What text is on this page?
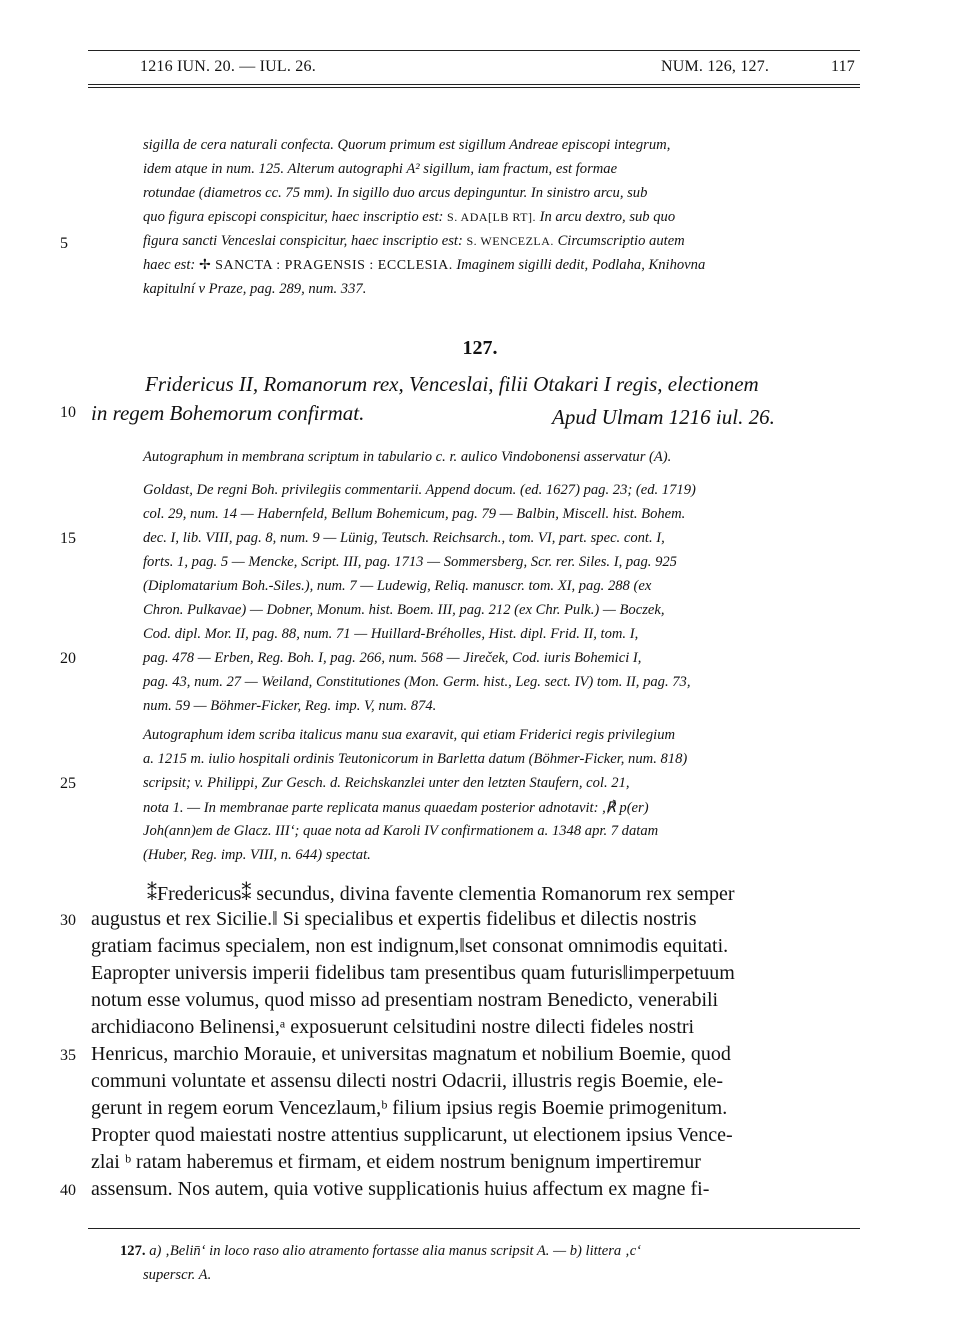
1216 IUN. 20. — IUL. 26.	NUM. 126, 127.	117
sigilla de cera naturali confecta. Quorum primum est sigillum Andreae episcopi integrum,
idem atque in num. 125. Alterum autographi A² sigillum, iam fractum, est formae
rotundae (diametros cc. 75 mm). In sigillo duo arcus depinguntur. In sinistro arcu, sub
quo figura episcopi conspicitur, haec inscriptio est: S. ADA[LB RT]. In arcu dextro, sub quo
figura sancti Venceslai conspicitur, haec inscriptio est: S. WENCEZLA. Circumscriptio autem
haec est: ✢ SANCTA : PRAGENSIS : ECCLESIA. Imaginem sigilli dedit, Podlaha, Knihovna
kapitulní v Praze, pag. 289, num. 337.
127.
Fridericus II, Romanorum rex, Venceslai, filii Otakari I regis, electionem
in regem Bohemorum confirmat.	Apud Ulmam 1216 iul. 26.
Autographum in membrana scriptum in tabulario c. r. aulico Vindobonensi asservatur (A).
Goldast, De regni Boh. privilegiis commentarii. Append docum. (ed. 1627) pag. 23; (ed. 1719)
col. 29, num. 14 — Habernfeld, Bellum Bohemicum, pag. 79 — Balbin, Miscell. hist. Bohem.
dec. I, lib. VIII, pag. 8, num. 9 — Lünig, Teutsch. Reichsarch., tom. VI, part. spec. cont. I,
forts. 1, pag. 5 — Mencke, Script. III, pag. 1713 — Sommersberg, Scr. rer. Siles. I, pag. 925
(Diplomatarium Boh.-Siles.), num. 7 — Ludewig, Reliq. manuscr. tom. XI, pag. 288 (ex
Chron. Pulkavae) — Dobner, Monum. hist. Boem. III, pag. 212 (ex Chr. Pulk.) — Boczek,
Cod. dipl. Mor. II, pag. 88, num. 71 — Huillard-Bréholles, Hist. dipl. Frid. II, tom. I,
pag. 478 — Erben, Reg. Boh. I, pag. 266, num. 568 — Jireček, Cod. iuris Bohemici I,
pag. 43, num. 27 — Weiland, Constitutiones (Mon. Germ. hist., Leg. sect. IV) tom. II, pag. 73,
num. 59 — Böhmer-Ficker, Reg. imp. V, num. 874.
Autographum idem scriba italicus manu sua exaravit, qui etiam Friderici regis privilegium
a. 1215 m. iulio hospitali ordinis Teutonicorum in Barletta datum (Böhmer-Ficker, num. 818)
scripsit; v. Philippi, Zur Gesch. d. Reichskanzlei unter den letzten Staufern, col. 21,
nota 1. — In membranae parte replicata manus quaedam posterior adnotavit: ,℟ p(er)
Joh(ann)em de Glacz. III‘; quae nota ad Karoli IV confirmationem a. 1348 apr. 7 datam
(Huber, Reg. imp. VIII, n. 644) spectat.
⁑Fredericus⁑ secundus, divina favente clementia Romanorum rex semper
augustus et rex Sicilie.‖ Si specialibus et expertis fidelibus et dilectis nostris
gratiam facimus specialem, non est indignum,‖set consonat omnimodis equitati.
Eapropter universis imperii fidelibus tam presentibus quam futuris‖imperpetuum
notum esse volumus, quod misso ad presentiam nostram Benedicto, venerabili
archidiacono Belinensi,ᵃ exposuerunt celsitudini nostre dilecti fideles nostri
Henricus, marchio Morauie, et universitas magnatum et nobilium Boemie, quod
communi voluntate et assensu dilecti nostri Odacrii, illustris regis Boemie, ele-
gerunt in regem eorum Vencezlaum,ᵇ filium ipsius regis Boemie primogenitum.
Propter quod maiestati nostre attentius supplicarunt, ut electionem ipsius Vence-
zlai ᵇ ratam haberemus et firmam, et eidem nostrum benignum impertiremur
assensum. Nos autem, quia votive supplicationis huius affectum ex magne fi-
5
10
15
20
25
30
35
40
127. a) ‚Belin̄‘ in loco raso alio atramento fortasse alia manus scripsit A. — b) littera ‚c‘
superscr. A.
